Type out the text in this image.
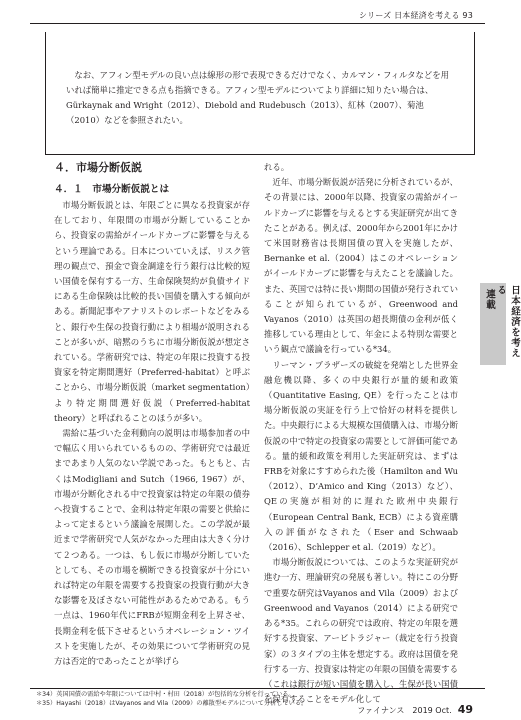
シリーズ 日本経済を考える 93

なお、アフィン型モデルの良い点は線形の形で表現できるだけでなく、カルマン・フィルタなどを用いれば簡単に推定できる点も指摘できる。アフィン型モデルについてより詳細に知りたい場合は、Gürkaynak and Wright（2012）、Diebold and Rudebusch（2013）、紅林（2007）、菊池（2010）などを参照されたい。

４．市場分断仮説
４．１　市場分断仮説とは

市場分断仮説とは、年限ごとに異なる投資家が存在しており、年限間の市場が分断していることから、投資家の需給がイールドカーブに影響を与えるという理論である。日本についていえば、リスク管理の観点で、預金で資金調達を行う銀行は比較的短い国債を保有する一方、生命保険契約が負債サイドにある生命保険は比較的長い国債を購入する傾向がある。新聞記事やアナリストのレポートなどをみると、銀行や生保の投資行動により相場が説明されることが多いが、暗黙のうちに市場分断仮説が想定されている。学術研究では、特定の年限に投資する投資家を特定期間選好（Preferred-habitat）と呼ぶことから、市場分断仮説（market segmentation）より特定期間選好仮説（Preferred-habitat theory）と呼ばれることのほうが多い。

需給に基づいた金利動向の説明は市場参加者の中で幅広く用いられているものの、学術研究では最近まであまり人気のない学説であった。もともと、古くはModigliani and Sutch（1966, 1967）が、市場が分断化される中で投資家は特定の年限の債券へ投資することで、金利は特定年限の需要と供給によって定まるという議論を展開した。この学説が最近まで学術研究で人気がなかった理由は大きく分けて２つある。一つは、もし仮に市場が分断していたとしても、その市場を横断できる投資家が十分にいれば特定の年限を需要する投資家の投資行動が大きな影響を及ぼさない可能性があるためである。もう一点は、1960年代にFRBが短期金利を上昇させ、長期金利を低下させるというオペレーション・ツイストを実施したが、その効果について学術研究の見方は否定的であったことが挙げら

れる。

近年、市場分断仮説が活発に分析されているが、その背景には、2000年以降、投資家の需給がイールドカーブに影響を与えるとする実証研究が出てきたことがある。例えば、2000年から2001年にかけて米国財務省は長期国債の買入を実施したが、Bernanke et al.（2004）はこのオペレーションがイールドカーブに影響を与えたことを議論した。また、英国では特に長い期間の国債が発行されていることが知られているが、Greenwood and Vayanos（2010）は英国の超長期債の金利が低く推移している理由として、年金による特別な需要という観点で議論を行っている*34。

リーマン・ブラザーズの破綻を発端とした世界金融危機以降、多くの中央銀行が量的緩和政策（Quantitative Easing, QE）を行ったことは市場分断仮説の実証を行う上で恰好の材料を提供した。中央銀行による大規模な国債購入は、市場分断仮説の中で特定の投資家の需要として評価可能である。量的緩和政策を利用した実証研究は、まずはFRBを対象にすすめられた後（Hamilton and Wu（2012）、D’Amico and King（2013）など）、QEの実施が相対的に遅れた欧州中央銀行（European Central Bank, ECB）による資産購入の評価がなされた（Eser and Schwaab（2016）、Schlepper et al.（2019）など）。

市場分断仮説については、このような実証研究が進む一方、理論研究の発展も著しい。特にこの分野で重要な研究はVayanos and Vila（2009）およびGreenwood and Vayanos（2014）による研究である*35。これらの研究では政府、特定の年限を選好する投資家、アービトラジャー（裁定を行う投資家）の３タイプの主体を想定する。政府は国債を発行する一方、投資家は特定の年限の国債を需要する（これは銀行が短い国債を購入し、生保が長い国債を保有することをモデル化して

連載	日本経済を考える
＊34）英国国債の需給や年限については中村・村田（2018）が包括的な分析を行っている。
＊35）Hayashi（2018）はVayanos and Vila（2009）の離散型モデルについて分析している。
ファイナンス　2019 Oct. 49
